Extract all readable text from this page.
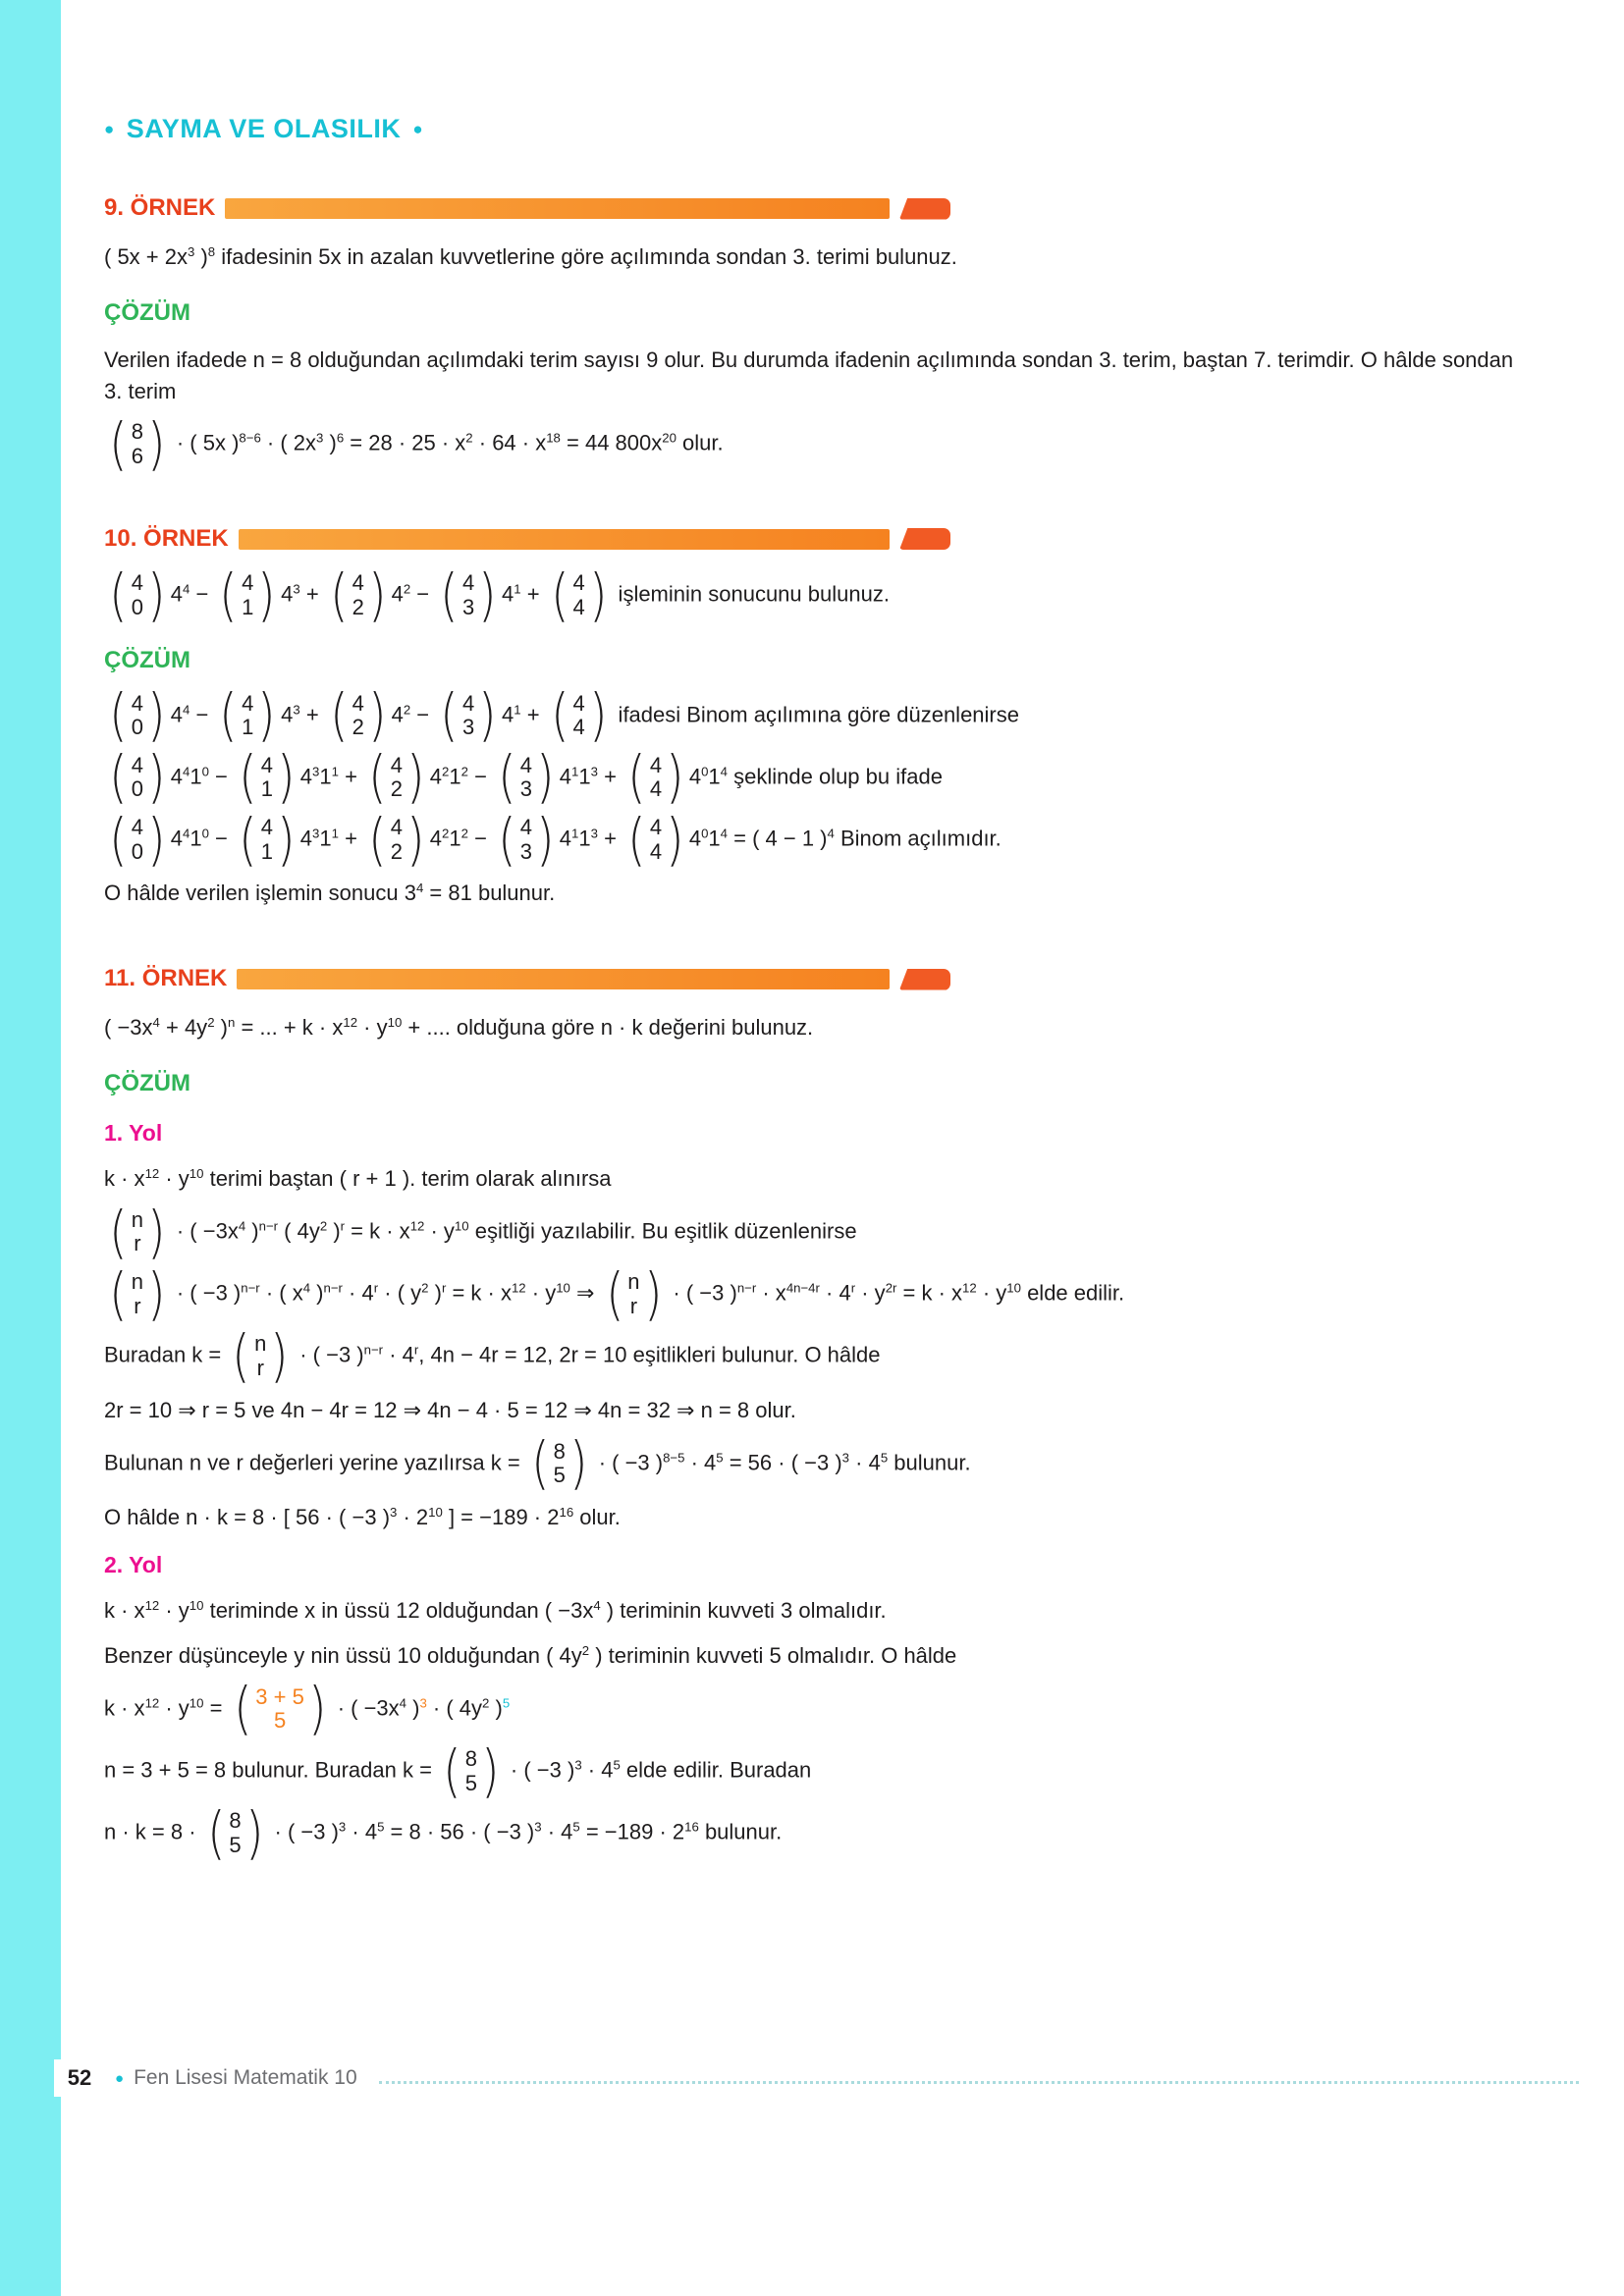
● SAYMA VE OLASILIK ●
9. ÖRNEK

( $5x + 2x^3$ )$^8$ ifadesinin 5x in azalan kuvvetlerine göre açılımında sondan 3. terimi bulunuz.

ÇÖZÜM

Verilen ifadede n = 8 olduğundan açılımdaki terim sayısı 9 olur. Bu durumda ifadenin açılımında sondan 3. terim, baştan 7. terimdir. O hâlde sondan 3. terim

( 8
6 ) · ( 5x )$^{8-6}$ · ( $2x^3$ )$^6 = 28 \cdot 25 \cdot x^2 \cdot 64 \cdot x^{18} = 44$ $800x^{20}$ olur.

10. ÖRNEK

( 4
0 ) $4^4$ − ( 4
1 ) $4^3$ + ( 4
2 ) $4^2$ − ( 4
3 ) $4^1$ + ( 4
4 ) işleminin sonucunu bulunuz.

ÇÖZÜM

( 4
0 ) $4^4$ − ( 4
1 ) $4^3$ + ( 4
2 ) $4^2$ − ( 4
3 ) $4^1$ + ( 4
4 ) ifadesi Binom açılımına göre düzenlenirse

( 4
0 ) $4^41^0$ − ( 4
1 ) $4^31^1$ + ( 4
2 ) $4^21^2$ − ( 4
3 ) $4^11^3$ + ( 4
4 ) $4^01^4$ şeklinde olup bu ifade

( 4
0 ) $4^41^0$ − ( 4
1 ) $4^31^1$ + ( 4
2 ) $4^21^2$ − ( 4
3 ) $4^11^3$ + ( 4
4 ) $4^01^4$ = ( 4 − 1 )$^4$ Binom açılımıdır.

O hâlde verilen işlemin sonucu $3^4 = 81$ bulunur.

11. ÖRNEK

( $-3x^4 + 4y^2$ )$^n$ = ... + $k \cdot x^{12} \cdot y^{10}$ + .... olduğuna göre n · k değerini bulunuz.

ÇÖZÜM
1. Yol

$k \cdot x^{12} \cdot y^{10}$ terimi baştan ( r + 1 ). terim olarak alınırsa

( n
r ) · ( $-3x^4$ )$^{n-r}$ ( $4y^2$ )$^r = k \cdot x^{12} \cdot y^{10}$ eşitliği yazılabilir. Bu eşitlik düzenlenirse

( n
r ) · ( −3 )$^{n-r}$ · ( $x^4$ )$^{n-r} \cdot 4^r$ · ( $y^2$ )$^r = k \cdot x^{12} \cdot y^{10}$ ⇒ ( n
r ) · ( −3 )$^{n-r} \cdot x^{4n-4r} \cdot 4^r \cdot y^{2r} = k \cdot x^{12} \cdot y^{10}$ elde edilir.

Buradan k = ( n
r ) · ( −3 )$^{n-r} \cdot 4^r$, 4n − 4r = 12, 2r = 10 eşitlikleri bulunur. O hâlde

2r = 10 ⇒ r = 5 ve 4n − 4r = 12 ⇒ 4n − 4 · 5 = 12 ⇒ 4n = 32 ⇒ n = 8 olur.

Bulunan n ve r değerleri yerine yazılırsa k = ( 8
5 ) · ( −3 )$^{8-5} \cdot 4^5 = 56$ · ( −3 )$^3 \cdot 4^5$ bulunur.

O hâlde n · k = 8 · [ 56 · ( −3 )$^3 \cdot 2^{10}$ ] = $-189 \cdot 2^{16}$ olur.

2. Yol

$k \cdot x^{12} \cdot y^{10}$ teriminde x in üssü 12 olduğundan ( $-3x^4$ ) teriminin kuvveti 3 olmalıdır.

Benzer düşünceyle y nin üssü 10 olduğundan ( $4y^2$ ) teriminin kuvveti 5 olmalıdır. O hâlde

$k \cdot x^{12} \cdot y^{10}$ = ( 3 + 5
5 ) · ( $-3x^4$ )$^3$ · ( $4y^2$ )$^5$

n = 3 + 5 = 8 bulunur. Buradan k = ( 8
5 ) · ( −3 )$^3 \cdot 4^5$ elde edilir. Buradan

n · k = 8 · ( 8
5 ) · ( −3 )$^3 \cdot 4^5 = 8 \cdot 56$ · ( −3 )$^3 \cdot 4^5 = -189 \cdot 2^{16}$ bulunur.

52 ● Fen Lisesi Matematik 10
